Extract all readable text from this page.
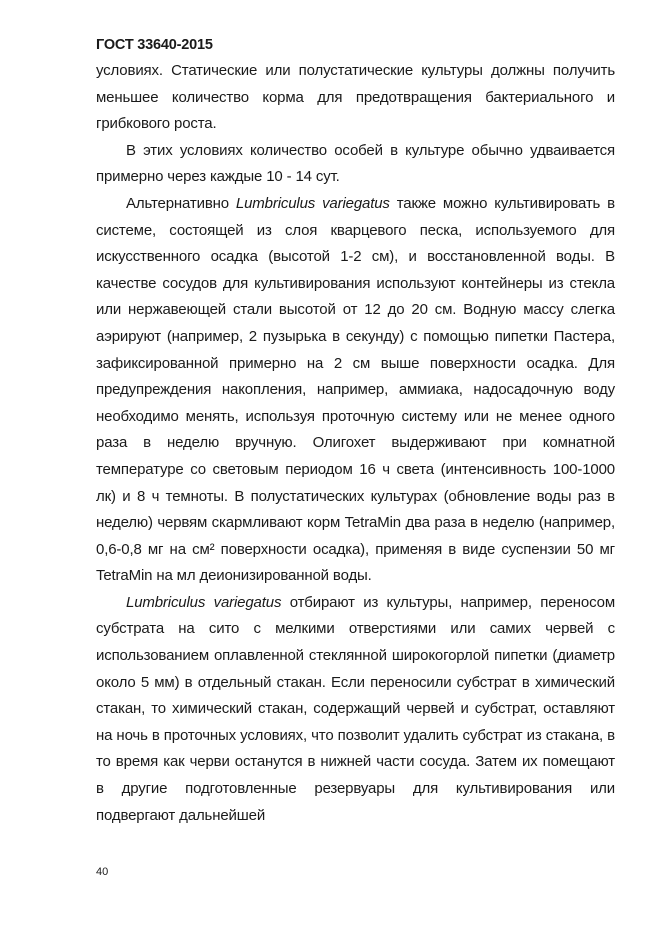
ГОСТ 33640-2015

условиях. Статические или полустатические культуры должны получить меньшее количество корма для предотвращения бактериального и грибкового роста.

В этих условиях количество особей в культуре обычно удваивается примерно через каждые 10 - 14 сут.

Альтернативно Lumbriculus variegatus также можно культивировать в системе, состоящей из слоя кварцевого песка, используемого для искусственного осадка (высотой 1-2 см), и восстановленной воды. В качестве сосудов для культивирования используют контейнеры из стекла или нержавеющей стали высотой от 12 до 20 см. Водную массу слегка аэрируют (например, 2 пузырька в секунду) с помощью пипетки Пастера, зафиксированной примерно на 2 см выше поверхности осадка. Для предупреждения накопления, например, аммиака, надосадочную воду необходимо менять, используя проточную систему или не менее одного раза в неделю вручную. Олигохет выдерживают при комнатной температуре со световым периодом 16 ч света (интенсивность 100-1000 лк) и 8 ч темноты. В полустатических культурах (обновление воды раз в неделю) червям скармливают корм TetraMin два раза в неделю (например, 0,6-0,8 мг на см² поверхности осадка), применяя в виде суспензии 50 мг TetraMin на мл деионизированной воды.

Lumbriculus variegatus отбирают из культуры, например, переносом субстрата на сито с мелкими отверстиями или самих червей с использованием оплавленной стеклянной широкогорлой пипетки (диаметр около 5 мм) в отдельный стакан. Если переносили субстрат в химический стакан, то химический стакан, содержащий червей и субстрат, оставляют на ночь в проточных условиях, что позволит удалить субстрат из стакана, в то время как черви останутся в нижней части сосуда. Затем их помещают в другие подготовленные резервуары для культивирования или подвергают дальнейшей

40
